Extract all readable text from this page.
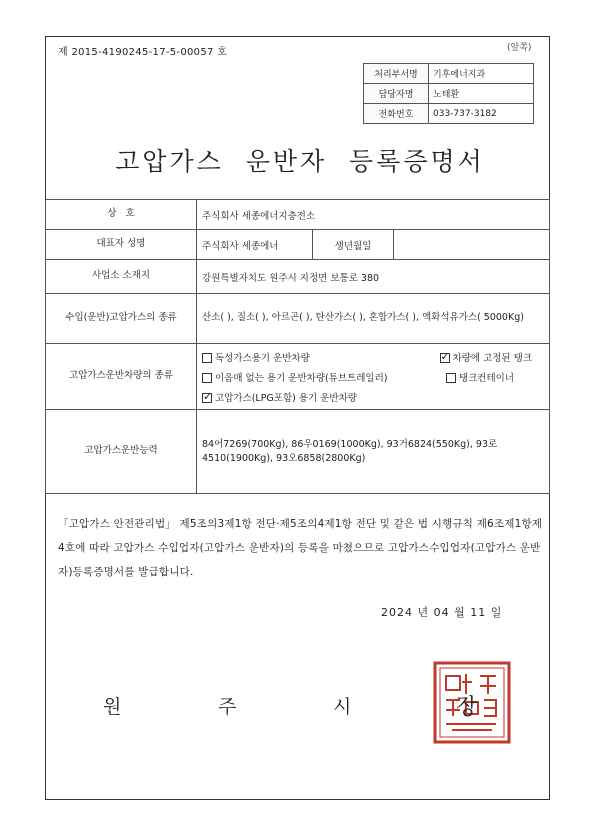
제 2015-4190245-17-5-00057 호	(앞쪽)
처리부서명	기후에너지과
담당자명	노태환
전화번호	033-737-3182
고압가스  운반자  등록증명서
상   호	주식회사 세종에너지충전소		
대표자 성명	주식회사 세종에너	생년월일	
사업소 소재지	강원특별자치도 원주시 지정면 보통로 380		
수입(운반)고압가스의 종류	산소( ), 질소( ), 아르곤( ), 탄산가스( ), 혼합가스( ), 액화석유가스( 5000Kg)		
고압가스운반차량의 종류	독성가스용기 운반차량 ✓ 차량에 고정된 탱크
이음매 없는 용기 운반차량(튜브트레일러) 탱크컨테이너
✓고압가스(LPG포함) 용기 운반차량

고압가스운반능력	84어7269(700Kg), 86우0169(1000Kg), 93거6824(550Kg), 93로4510(1900Kg), 93오6858(2800Kg)		
「고압가스 안전관리법」 제5조의3제1항 전단·제5조의4제1항 전단 및 같은 법 시행규칙 제6조제1항제4호에 따라 고압가스 수입업자(고압가스 운반자)의 등록을 마쳤으므로 고압가스수입업자(고압가스 운반자)등록증명서를 발급합니다.
2024 년 04 월 11 일
원	주	시	장
